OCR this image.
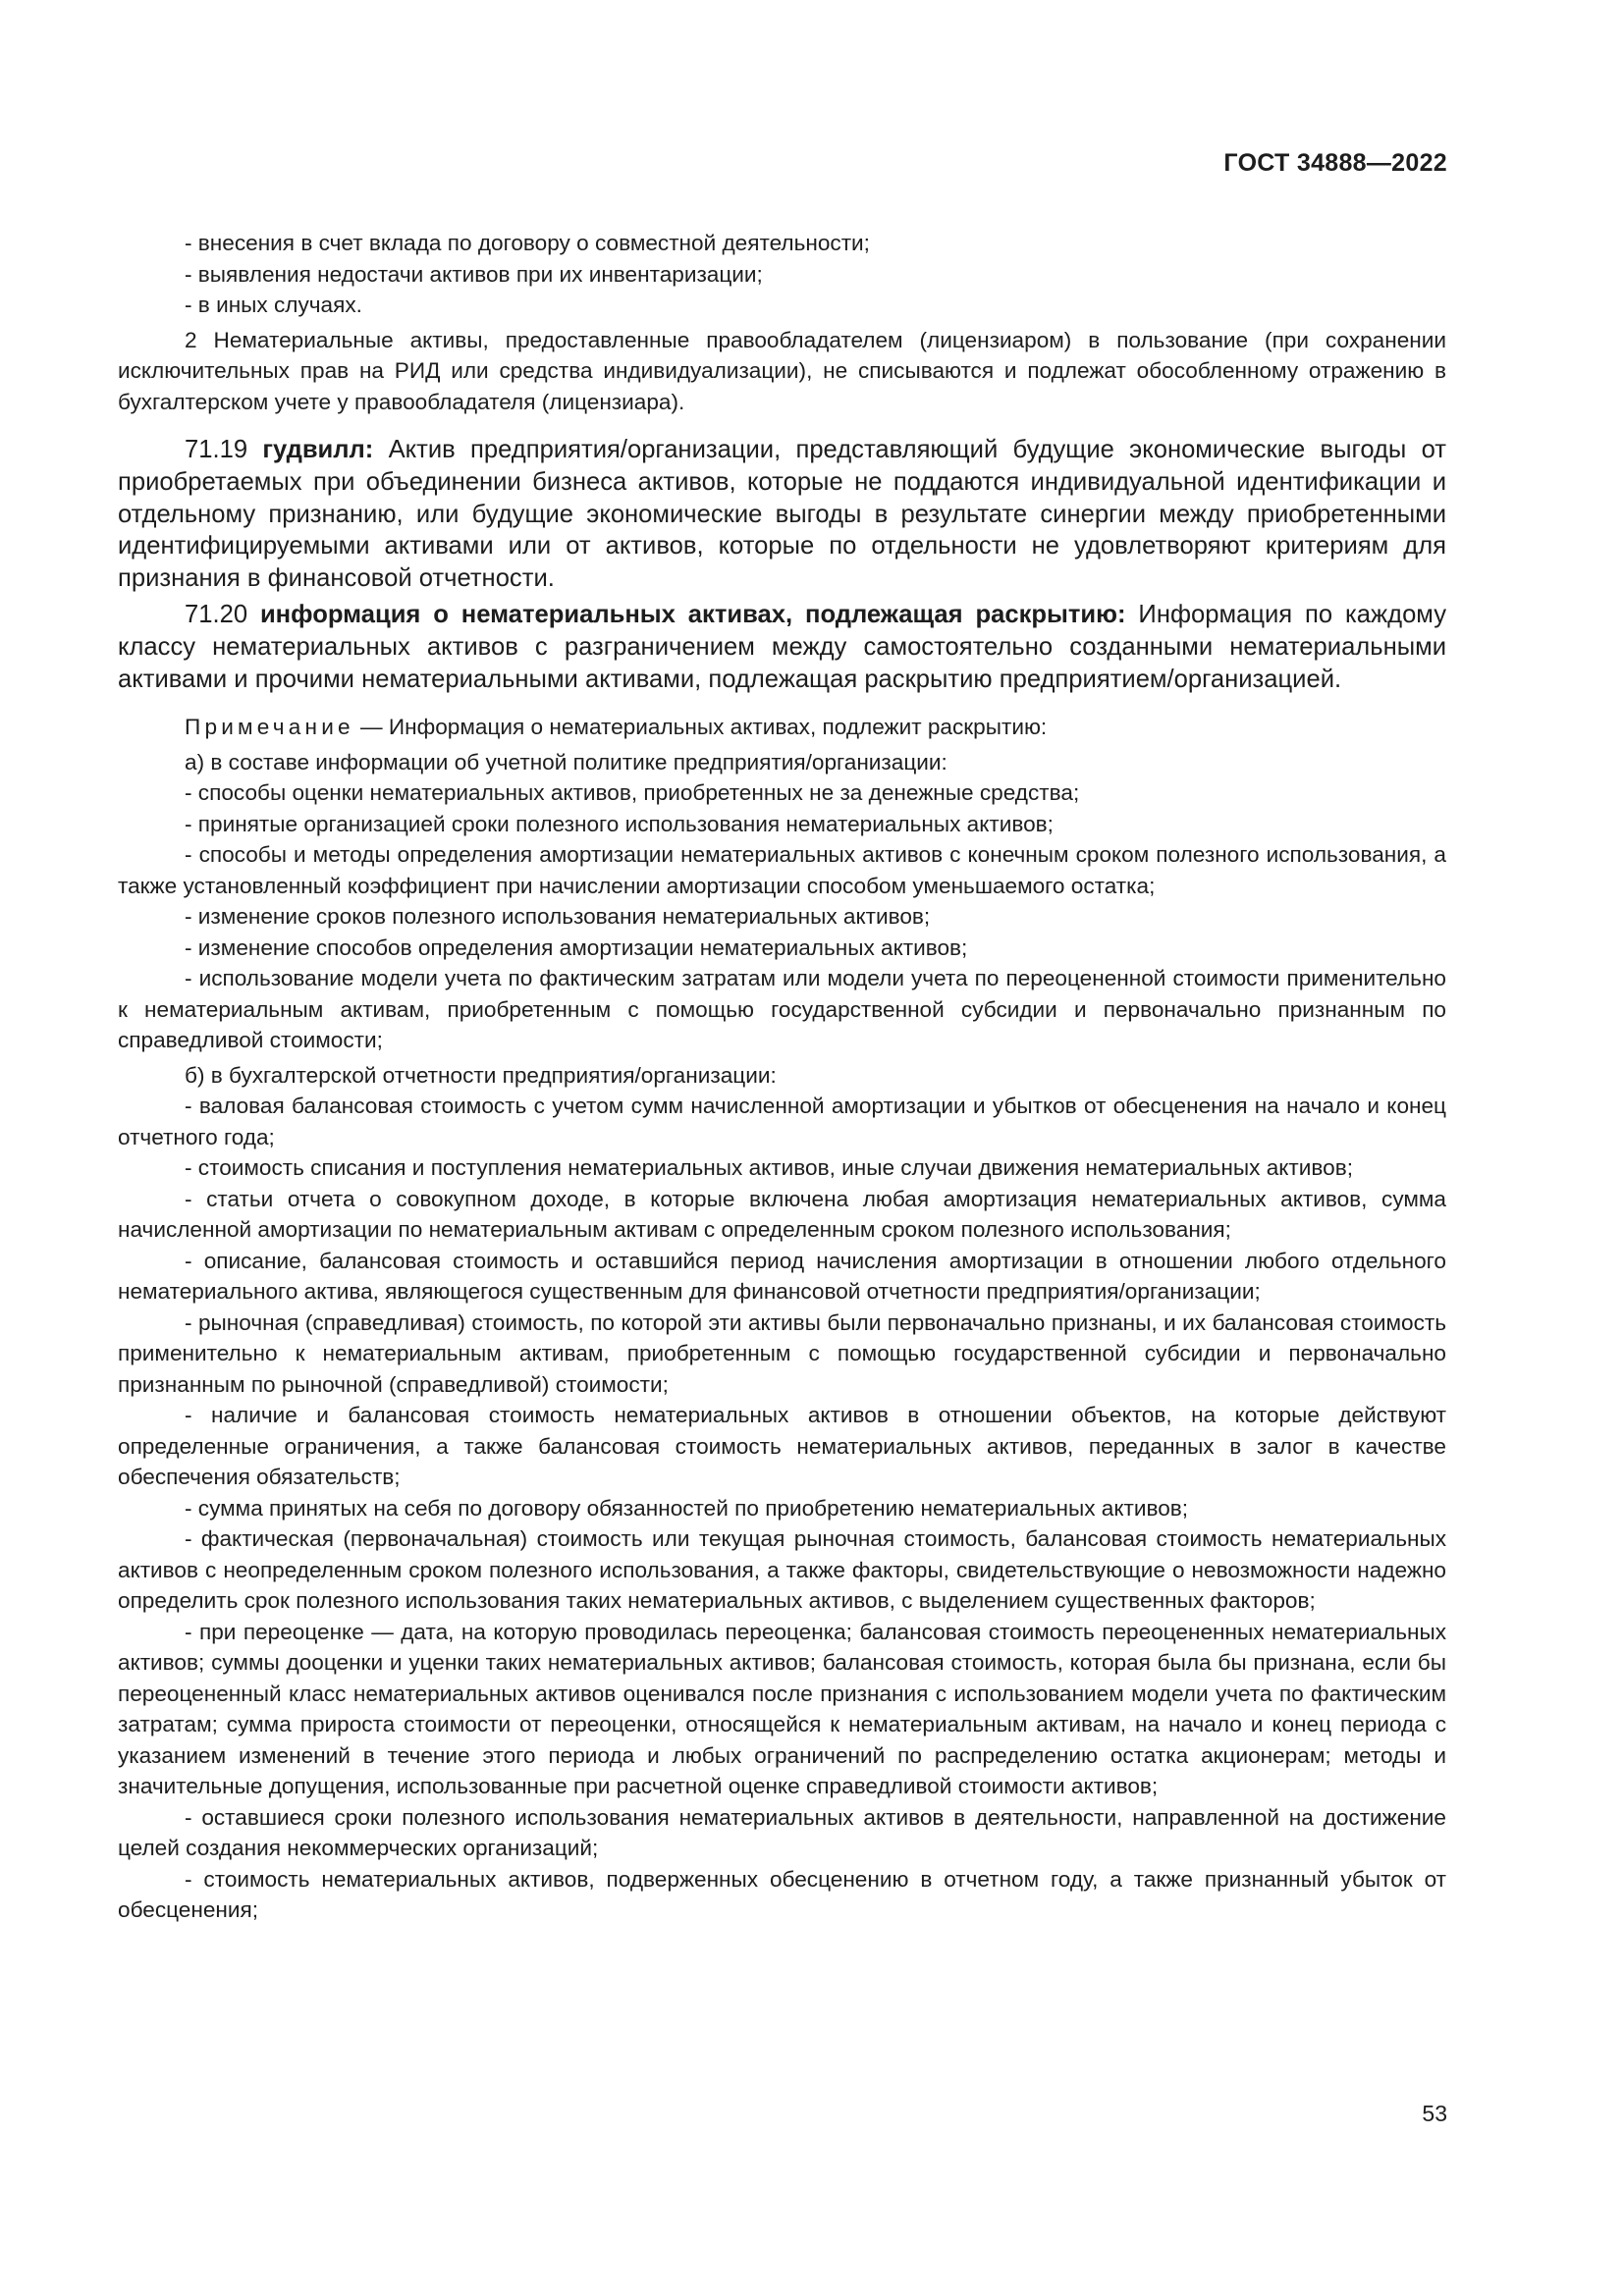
ГОСТ 34888—2022

- внесения в счет вклада по договору о совместной деятельности;

- выявления недостачи активов при их инвентаризации;

- в иных случаях.

2 Нематериальные активы, предоставленные правообладателем (лицензиаром) в пользование (при сохранении исключительных прав на РИД или средства индивидуализации), не списываются и подлежат обособленному отражению в бухгалтерском учете у правообладателя (лицензиара).

71.19 гудвилл: Актив предприятия/организации, представляющий будущие экономические выгоды от приобретаемых при объединении бизнеса активов, которые не поддаются индивидуальной идентификации и отдельному признанию, или будущие экономические выгоды в результате синергии между приобретенными идентифицируемыми активами или от активов, которые по отдельности не удовлетворяют критериям для признания в финансовой отчетности.

71.20 информация о нематериальных активах, подлежащая раскрытию: Информация по каждому классу нематериальных активов с разграничением между самостоятельно созданными нематериальными активами и прочими нематериальными активами, подлежащая раскрытию предприятием/организацией.

Примечание — Информация о нематериальных активах, подлежит раскрытию:

а) в составе информации об учетной политике предприятия/организации:

- способы оценки нематериальных активов, приобретенных не за денежные средства;

- принятые организацией сроки полезного использования нематериальных активов;

- способы и методы определения амортизации нематериальных активов с конечным сроком полезного использования, а также установленный коэффициент при начислении амортизации способом уменьшаемого остатка;

- изменение сроков полезного использования нематериальных активов;

- изменение способов определения амортизации нематериальных активов;

- использование модели учета по фактическим затратам или модели учета по переоцененной стоимости применительно к нематериальным активам, приобретенным с помощью государственной субсидии и первоначально признанным по справедливой стоимости;

б) в бухгалтерской отчетности предприятия/организации:

- валовая балансовая стоимость с учетом сумм начисленной амортизации и убытков от обесценения на начало и конец отчетного года;

- стоимость списания и поступления нематериальных активов, иные случаи движения нематериальных активов;

- статьи отчета о совокупном доходе, в которые включена любая амортизация нематериальных активов, сумма начисленной амортизации по нематериальным активам с определенным сроком полезного использования;

- описание, балансовая стоимость и оставшийся период начисления амортизации в отношении любого отдельного нематериального актива, являющегося существенным для финансовой отчетности предприятия/организации;

- рыночная (справедливая) стоимость, по которой эти активы были первоначально признаны, и их балансовая стоимость применительно к нематериальным активам, приобретенным с помощью государственной субсидии и первоначально признанным по рыночной (справедливой) стоимости;

- наличие и балансовая стоимость нематериальных активов в отношении объектов, на которые действуют определенные ограничения, а также балансовая стоимость нематериальных активов, переданных в залог в качестве обеспечения обязательств;

- сумма принятых на себя по договору обязанностей по приобретению нематериальных активов;

- фактическая (первоначальная) стоимость или текущая рыночная стоимость, балансовая стоимость нематериальных активов с неопределенным сроком полезного использования, а также факторы, свидетельствующие о невозможности надежно определить срок полезного использования таких нематериальных активов, с выделением существенных факторов;

- при переоценке — дата, на которую проводилась переоценка; балансовая стоимость переоцененных нематериальных активов; суммы дооценки и уценки таких нематериальных активов; балансовая стоимость, которая была бы признана, если бы переоцененный класс нематериальных активов оценивался после признания с использованием модели учета по фактическим затратам; сумма прироста стоимости от переоценки, относящейся к нематериальным активам, на начало и конец периода с указанием изменений в течение этого периода и любых ограничений по распределению остатка акционерам; методы и значительные допущения, использованные при расчетной оценке справедливой стоимости активов;

- оставшиеся сроки полезного использования нематериальных активов в деятельности, направленной на достижение целей создания некоммерческих организаций;

- стоимость нематериальных активов, подверженных обесценению в отчетном году, а также признанный убыток от обесценения;

53
